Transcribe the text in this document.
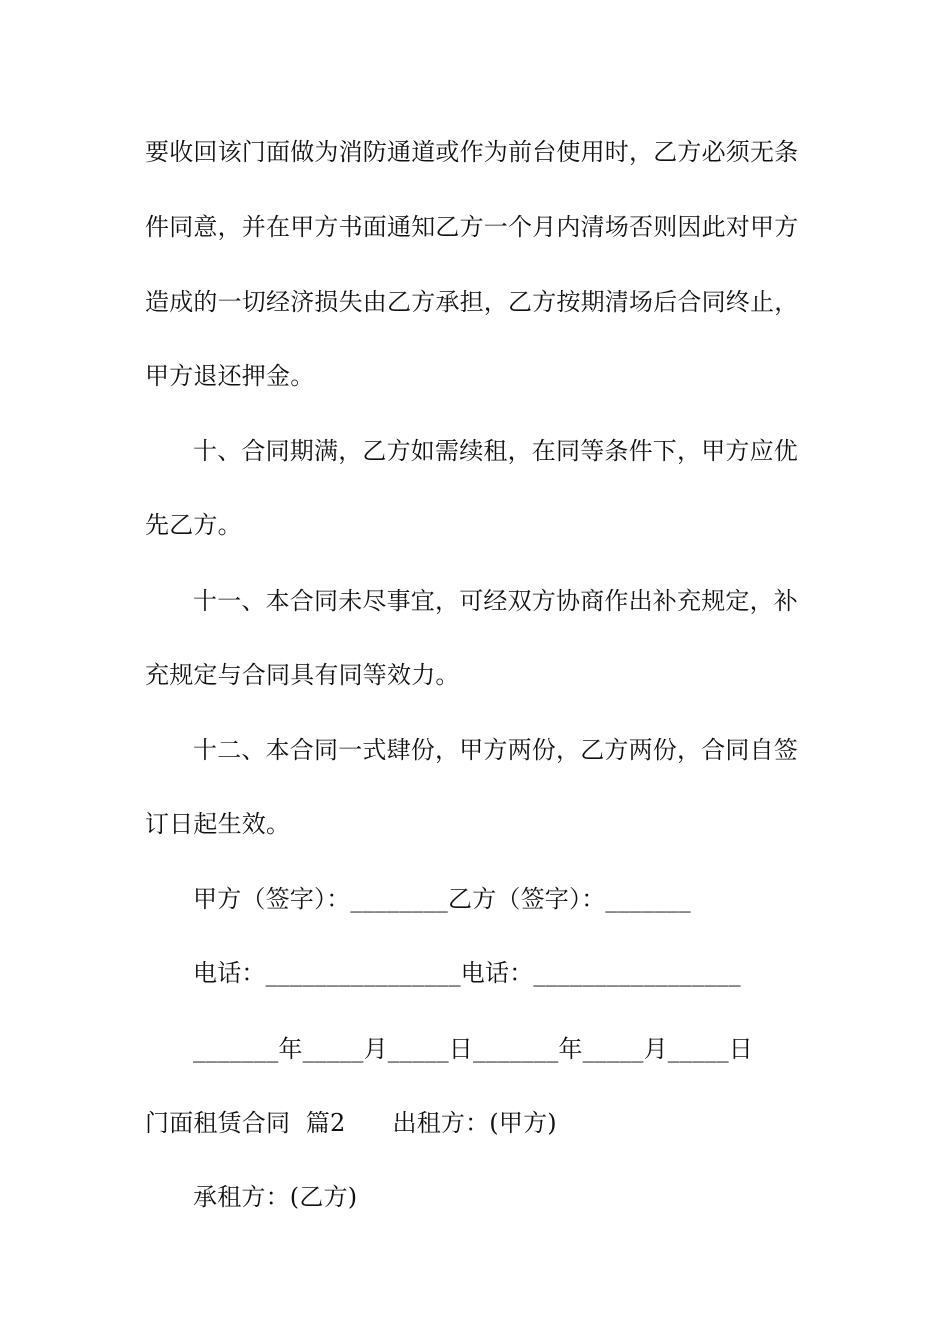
要收回该门面做为消防通道或作为前台使用时，乙方必须无条
件同意，并在甲方书面通知乙方一个月内清场否则因此对甲方
造成的一切经济损失由乙方承担，乙方按期清场后合同终止，
甲方退还押金。
十、合同期满，乙方如需续租，在同等条件下，甲方应优
先乙方。
十一、本合同未尽事宜，可经双方协商作出补充规定，补
充规定与合同具有同等效力。
十二、本合同一式肆份，甲方两份，乙方两份，合同自签
订日起生效。
甲方（签字）：________乙方（签字）：_______
电话：________________电话：_________________
_______年_____月_____日_______年_____月_____日
门面租赁合同  篇2      出租方：(甲方)
承租方：(乙方)
